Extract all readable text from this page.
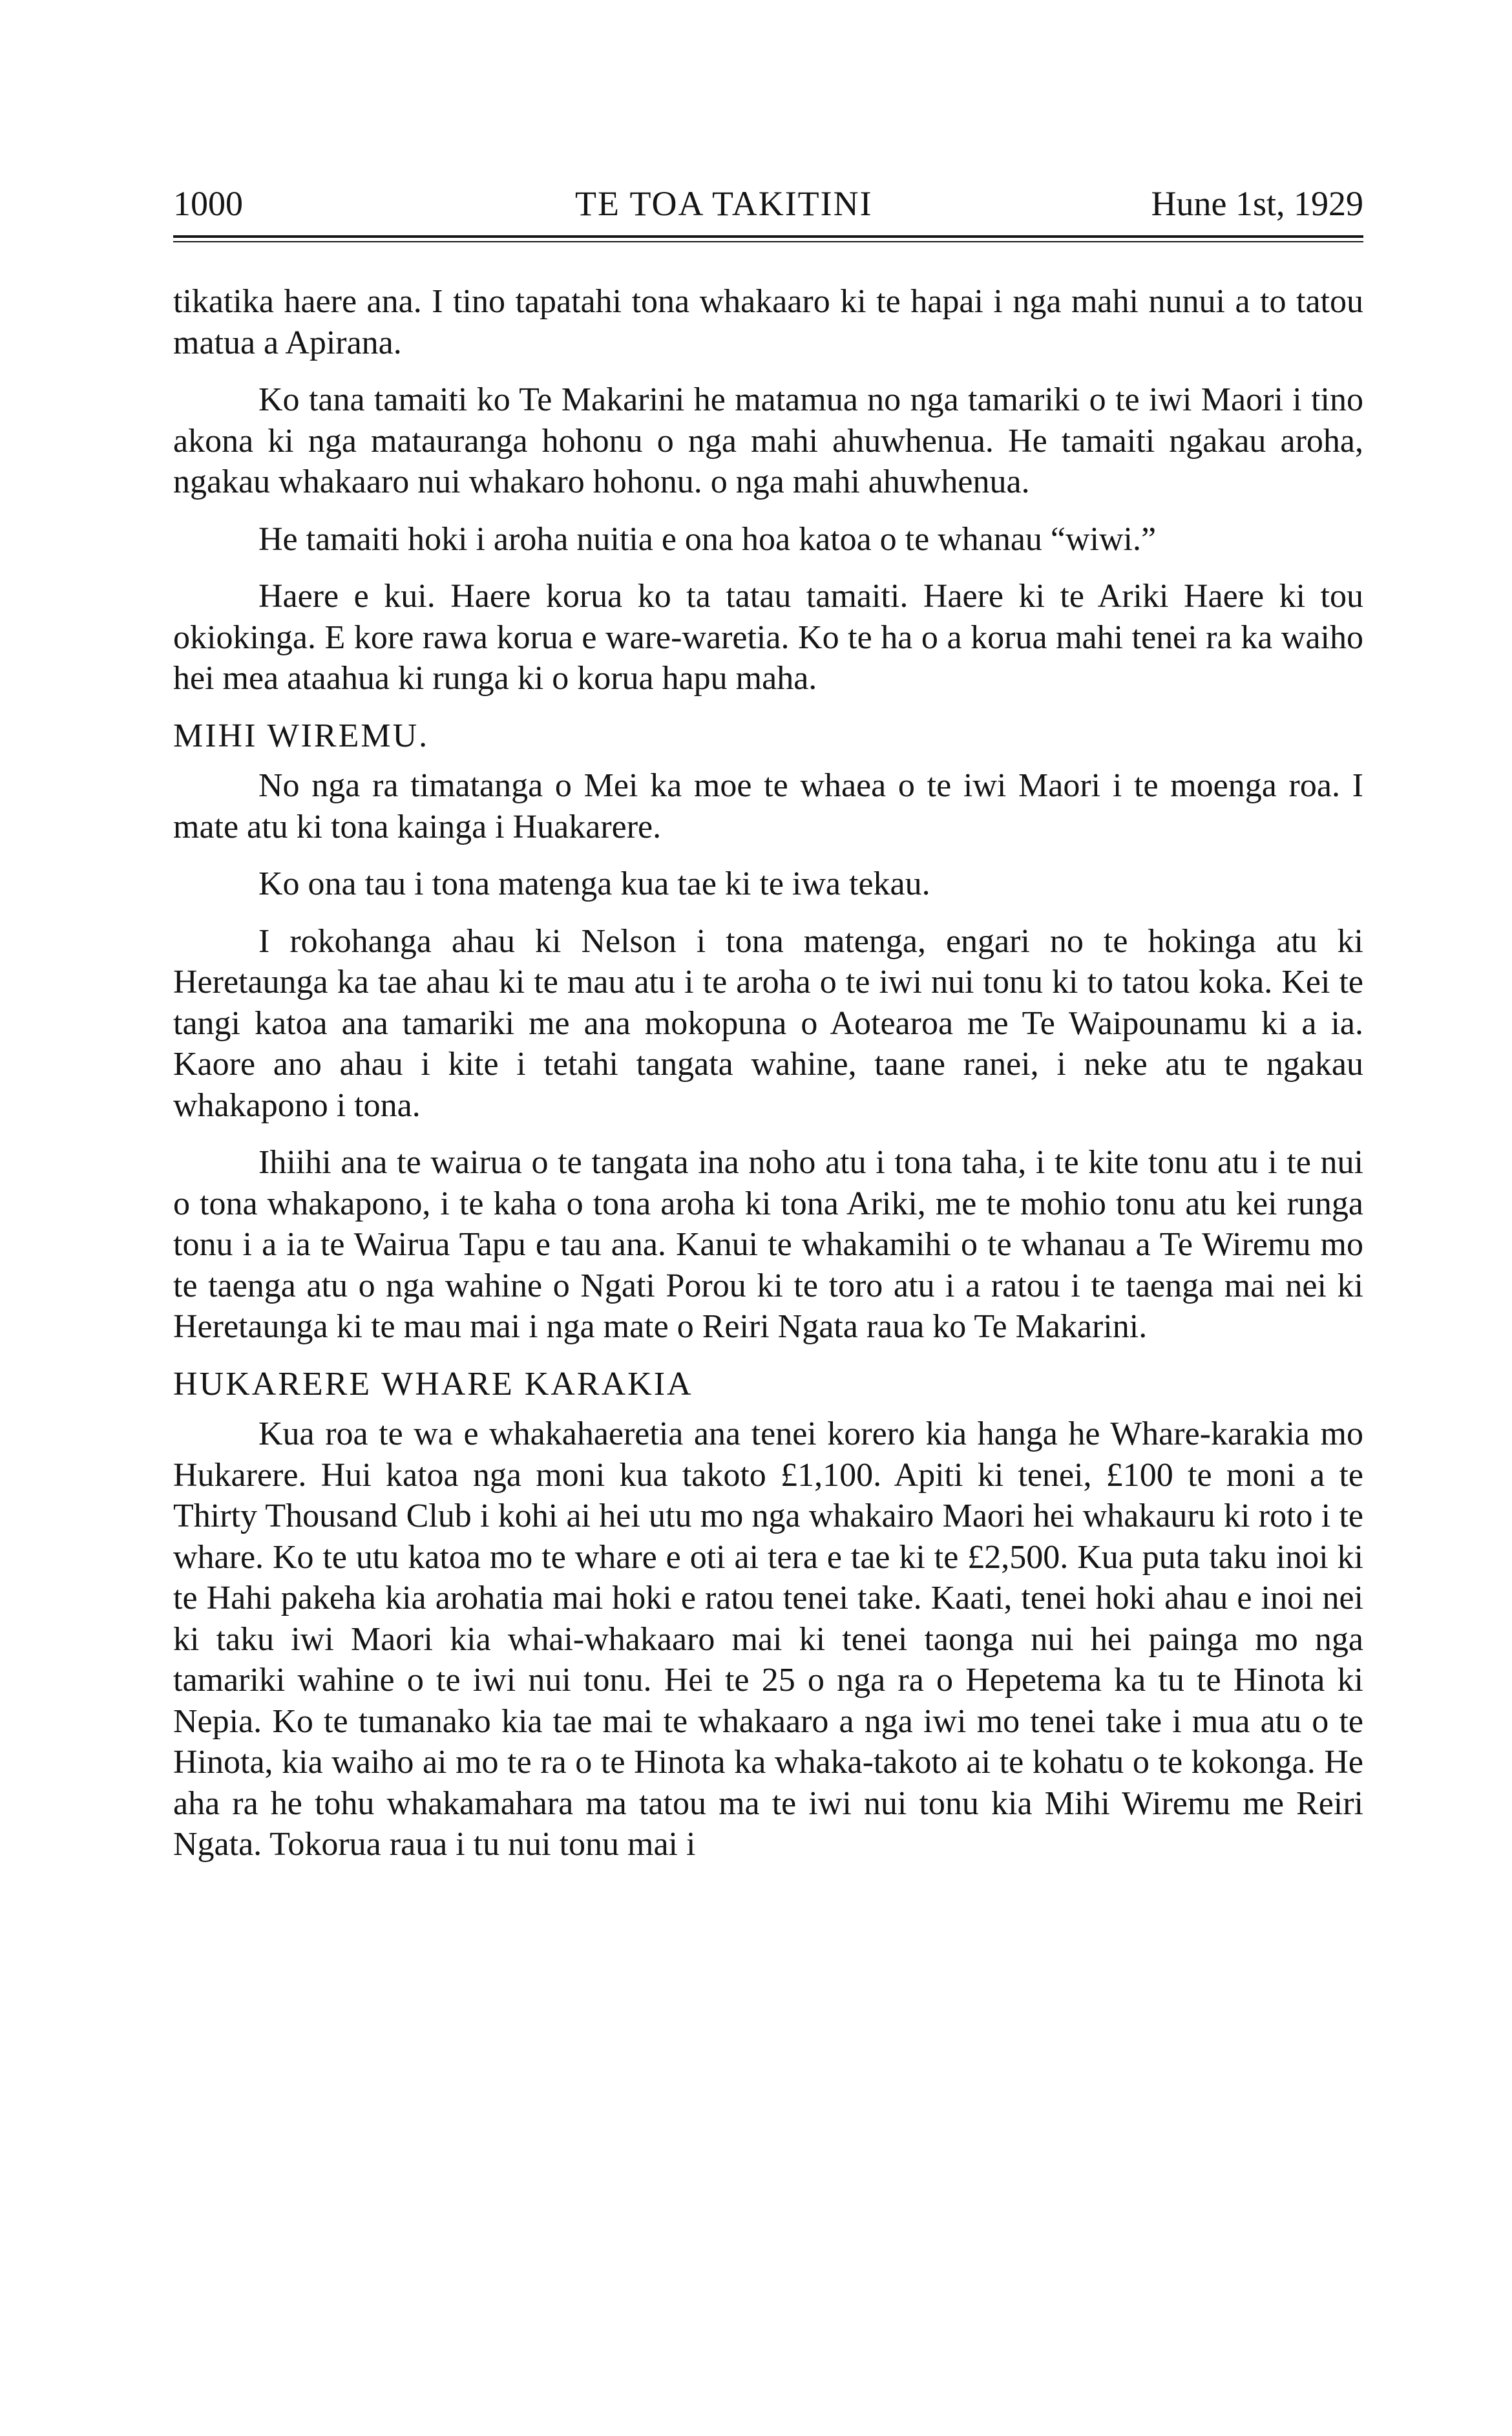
1000	TE TOA TAKITINI	Hune 1st, 1929

tikatika haere ana. I tino tapatahi tona whakaaro ki te hapai i nga mahi nunui a to tatou matua a Apirana.

Ko tana tamaiti ko Te Makarini he matamua no nga tamariki o te iwi Maori i tino akona ki nga matauranga hohonu o nga mahi ahuwhenua. He tamaiti ngakau aroha, ngakau whakaaro nui whakaro hohonu. o nga mahi ahuwhenua.

He tamaiti hoki i aroha nuitia e ona hoa katoa o te whanau “wiwi.”

Haere e kui. Haere korua ko ta tatau tamaiti. Haere ki te Ariki Haere ki tou okiokinga. E kore rawa korua e ware-waretia. Ko te ha o a korua mahi tenei ra ka waiho hei mea ataahua ki runga ki o korua hapu maha.

MIHI WIREMU.

No nga ra timatanga o Mei ka moe te whaea o te iwi Maori i te moenga roa. I mate atu ki tona kainga i Huakarere.

Ko ona tau i tona matenga kua tae ki te iwa tekau.

I rokohanga ahau ki Nelson i tona matenga, engari no te hokinga atu ki Heretaunga ka tae ahau ki te mau atu i te aroha o te iwi nui tonu ki to tatou koka. Kei te tangi katoa ana tamariki me ana mokopuna o Aotearoa me Te Waipounamu ki a ia. Kaore ano ahau i kite i tetahi tangata wahine, taane ranei, i neke atu te ngakau whakapono i tona.

Ihiihi ana te wairua o te tangata ina noho atu i tona taha, i te kite tonu atu i te nui o tona whakapono, i te kaha o tona aroha ki tona Ariki, me te mohio tonu atu kei runga tonu i a ia te Wairua Tapu e tau ana. Kanui te whakamihi o te whanau a Te Wiremu mo te taenga atu o nga wahine o Ngati Porou ki te toro atu i a ratou i te taenga mai nei ki Heretaunga ki te mau mai i nga mate o Reiri Ngata raua ko Te Makarini.

HUKARERE WHARE KARAKIA

Kua roa te wa e whakahaeretia ana tenei korero kia hanga he Whare-karakia mo Hukarere. Hui katoa nga moni kua takoto £1,100. Apiti ki tenei, £100 te moni a te Thirty Thousand Club i kohi ai hei utu mo nga whakairo Maori hei whakauru ki roto i te whare. Ko te utu katoa mo te whare e oti ai tera e tae ki te £2,500. Kua puta taku inoi ki te Hahi pakeha kia arohatia mai hoki e ratou tenei take. Kaati, tenei hoki ahau e inoi nei ki taku iwi Maori kia whai-whakaaro mai ki tenei taonga nui hei painga mo nga tamariki wahine o te iwi nui tonu. Hei te 25 o nga ra o Hepetema ka tu te Hinota ki Nepia. Ko te tumanako kia tae mai te whakaaro a nga iwi mo tenei take i mua atu o te Hinota, kia waiho ai mo te ra o te Hinota ka whaka-takoto ai te kohatu o te kokonga. He aha ra he tohu whakamahara ma tatou ma te iwi nui tonu kia Mihi Wiremu me Reiri Ngata. Tokorua raua i tu nui tonu mai i
